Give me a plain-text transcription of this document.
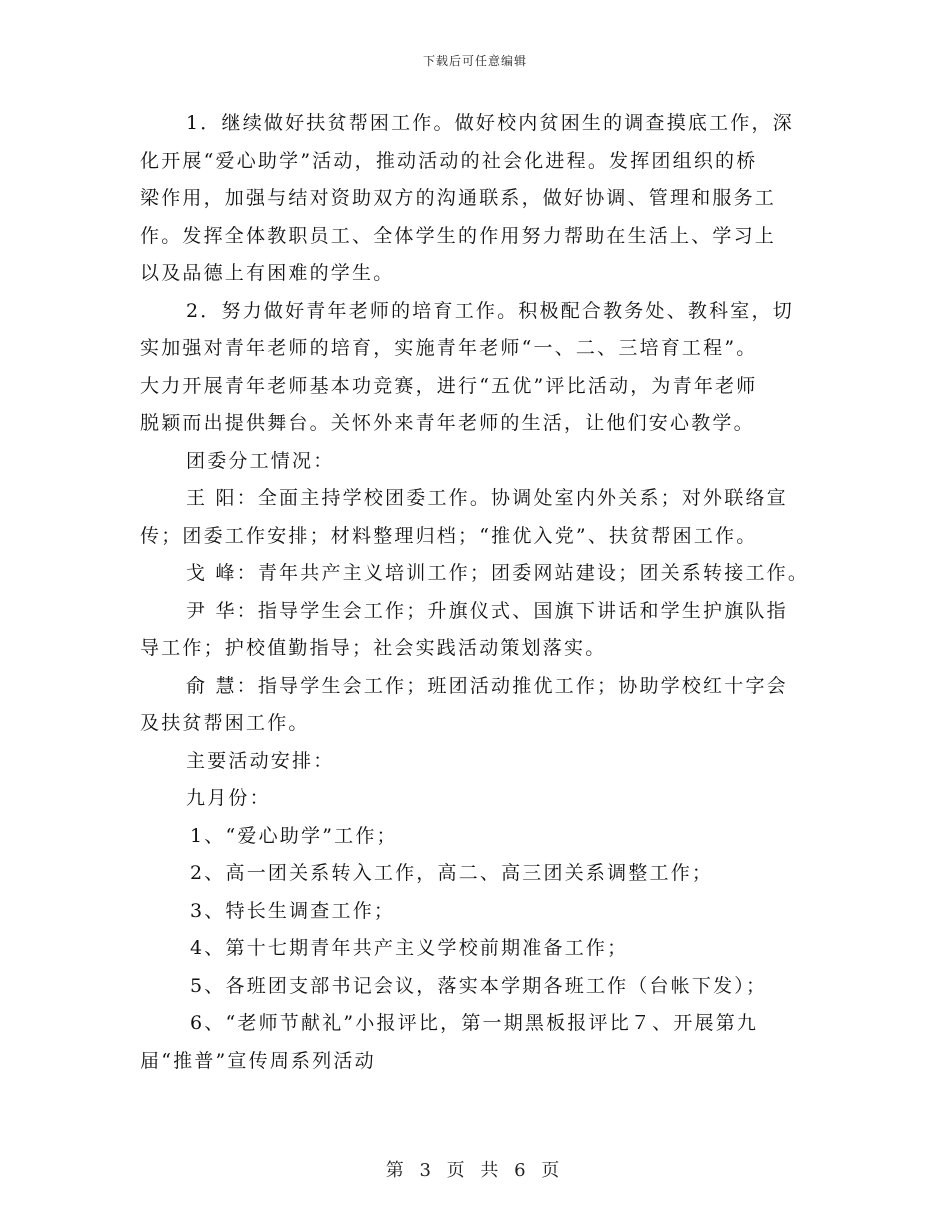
下载后可任意编辑
1．继续做好扶贫帮困工作。做好校内贫困生的调查摸底工作，深
化开展“爱心助学”活动，推动活动的社会化进程。发挥团组织的桥
梁作用，加强与结对资助双方的沟通联系，做好协调、管理和服务工
作。发挥全体教职员工、全体学生的作用努力帮助在生活上、学习上
以及品德上有困难的学生。
2．努力做好青年老师的培育工作。积极配合教务处、教科室，切
实加强对青年老师的培育，实施青年老师“一、二、三培育工程”。
大力开展青年老师基本功竞赛，进行“五优”评比活动，为青年老师
脱颖而出提供舞台。关怀外来青年老师的生活，让他们安心教学。
团委分工情况：
王 阳：全面主持学校团委工作。协调处室内外关系；对外联络宣
传；团委工作安排；材料整理归档；“推优入党”、扶贫帮困工作。
戈 峰：青年共产主义培训工作；团委网站建设；团关系转接工作。
尹 华：指导学生会工作；升旗仪式、国旗下讲话和学生护旗队指
导工作；护校值勤指导；社会实践活动策划落实。
俞 慧：指导学生会工作；班团活动推优工作；协助学校红十字会
及扶贫帮困工作。
主要活动安排：
九月份：
1、“爱心助学”工作；
2、高一团关系转入工作，高二、高三团关系调整工作；
3、特长生调查工作；
4、第十七期青年共产主义学校前期准备工作；
5、各班团支部书记会议，落实本学期各班工作（台帐下发）；
6、“老师节献礼”小报评比，第一期黑板报评比７、开展第九
届“推普”宣传周系列活动
第 3 页 共 6 页
